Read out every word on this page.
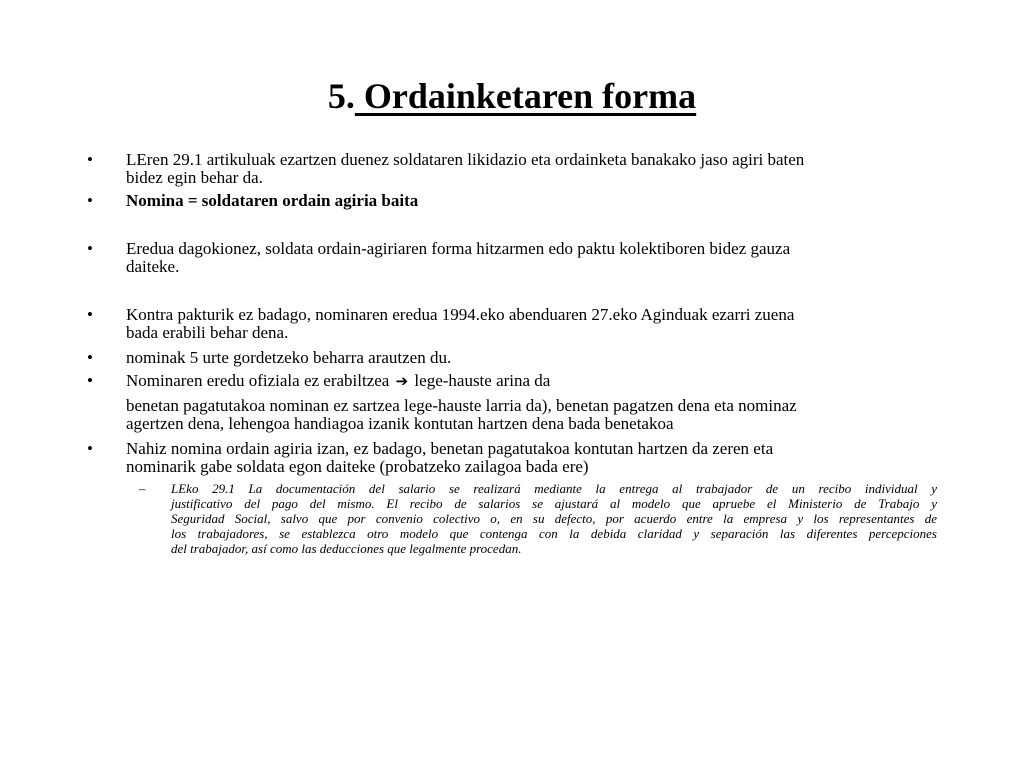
5. Ordainketaren forma
• LEren 29.1 artikuluak ezartzen duenez soldataren likidazio eta ordainketa banakako jaso agiri baten
bidez egin behar da.
• Nomina = soldataren ordain agiria baita
• Eredua dagokionez, soldata ordain-agiriaren forma hitzarmen edo paktu kolektiboren bidez gauza
daiteke.
• Kontra pakturik ez badago, nominaren eredua 1994.eko abenduaren 27.eko Aginduak ezarri zuena
bada erabili behar dena.
• nominak 5 urte gordetzeko beharra arautzen du.
• Nominaren eredu ofiziala ez erabiltzea ➔ lege-hauste arina da
benetan pagatutakoa nominan ez sartzea lege-hauste larria da), benetan pagatzen dena eta nominaz
agertzen dena, lehengoa handiagoa izanik kontutan hartzen dena bada benetakoa
• Nahiz nomina ordain agiria izan, ez badago, benetan pagatutakoa kontutan hartzen da zeren eta
nominarik gabe soldata egon daiteke (probatzeko zailagoa bada ere)
– LEko 29.1 La documentación del salario se realizará mediante la entrega al trabajador de un recibo individual y
justificativo del pago del mismo. El recibo de salarios se ajustará al modelo que apruebe el Ministerio de Trabajo y
Seguridad Social, salvo que por convenio colectivo o, en su defecto, por acuerdo entre la empresa y los representantes de
los trabajadores, se establezca otro modelo que contenga con la debida claridad y separación las diferentes percepciones
del trabajador, así como las deducciones que legalmente procedan.
